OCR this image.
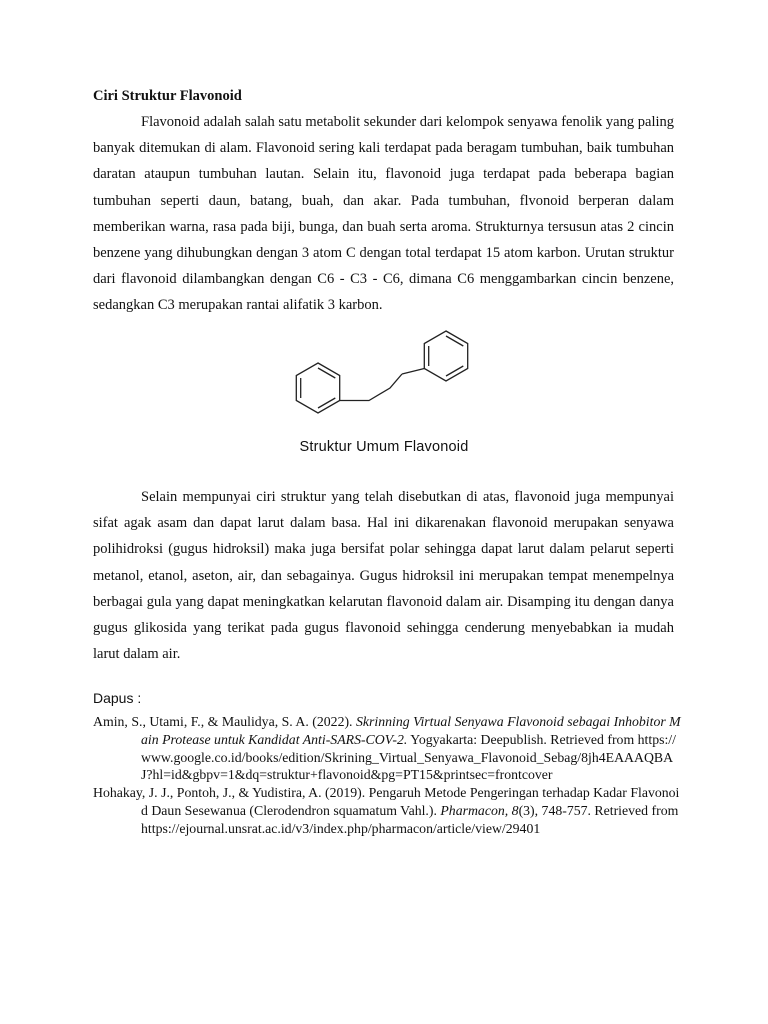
Ciri Struktur Flavonoid

Flavonoid adalah salah satu metabolit sekunder dari kelompok senyawa fenolik yang paling banyak ditemukan di alam. Flavonoid sering kali terdapat pada beragam tumbuhan, baik tumbuhan daratan ataupun tumbuhan lautan. Selain itu, flavonoid juga terdapat pada beberapa bagian tumbuhan seperti daun, batang, buah, dan akar. Pada tumbuhan, flvonoid berperan dalam memberikan warna, rasa pada biji, bunga, dan buah serta aroma. Strukturnya tersusun atas 2 cincin benzene yang dihubungkan dengan 3 atom C dengan total terdapat 15 atom karbon. Urutan struktur dari flavonoid dilambangkan dengan C6 - C3 - C6, dimana C6 menggambarkan cincin benzene, sedangkan C3 merupakan rantai alifatik 3 karbon.

Struktur Umum Flavonoid

Selain mempunyai ciri struktur yang telah disebutkan di atas, flavonoid juga mempunyai sifat agak asam dan dapat larut dalam basa. Hal ini dikarenakan flavonoid merupakan senyawa polihidroksi (gugus hidroksil) maka juga bersifat polar sehingga dapat larut dalam pelarut seperti metanol, etanol, aseton, air, dan sebagainya. Gugus hidroksil ini merupakan tempat menempelnya berbagai gula yang dapat meningkatkan kelarutan flavonoid dalam air. Disamping itu dengan danya gugus glikosida yang terikat pada gugus flavonoid sehingga cenderung menyebabkan ia mudah larut dalam air.

Dapus :

Amin, S., Utami, F., & Maulidya, S. A. (2022). Skrinning Virtual Senyawa Flavonoid sebagai Inhobitor Main Protease untuk Kandidat Anti-SARS-COV-2. Yogyakarta: Deepublish. Retrieved from https://www.google.co.id/books/edition/Skrining_Virtual_Senyawa_Flavonoid_Sebag/8jh4EAAAQBAJ?hl=id&gbpv=1&dq=struktur+flavonoid&pg=PT15&printsec=frontcover

Hohakay, J. J., Pontoh, J., & Yudistira, A. (2019). Pengaruh Metode Pengeringan terhadap Kadar Flavonoid Daun Sesewanua (Clerodendron squamatum Vahl.). Pharmacon, 8(3), 748-757. Retrieved from https://ejournal.unsrat.ac.id/v3/index.php/pharmacon/article/view/29401
